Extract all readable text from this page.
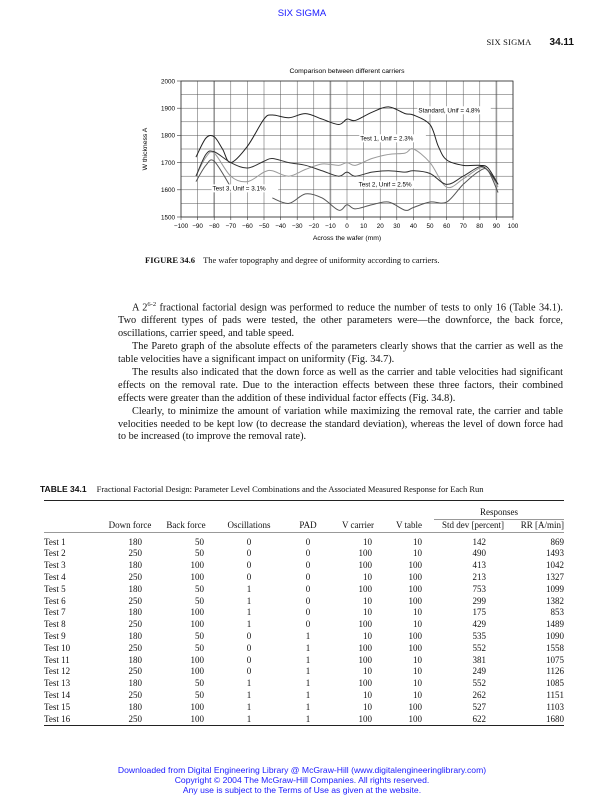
SIX SIGMA
SIX SIGMA 34.11
Comparison between different carriers
−100 −90 −80 −70 −60 −50 −40 −30 −20 −10 0 10 20 30 40 50 60 70 80 90 100
1500
1600
1700
1800
1900
2000
Across the wafer (mm)
W thickness A
Standard, Unif = 4.8%
Test 1, Unif = 2.3%
Test 2, Unif = 2.5%
Test 3, Unif = 3.1%
FIGURE 34.6 The wafer topography and degree of uniformity according to carriers.

A 2$^{6-2}$ fractional factorial design was performed to reduce the number of tests to only 16 (Table 34.1). Two different types of pads were tested, the other parameters were—the downforce, the back force, oscillations, carrier speed, and table speed.

The Pareto graph of the absolute effects of the parameters clearly shows that the carrier as well as the table velocities have a significant impact on uniformity (Fig. 34.7).

The results also indicated that the down force as well as the carrier and table velocities had significant effects on the removal rate. Due to the interaction effects between these three factors, their combined effects were greater than the addition of these individual factor effects (Fig. 34.8).

Clearly, to minimize the amount of variation while maximizing the removal rate, the carrier and table velocities needed to be kept low (to decrease the standard deviation), whereas the level of down force had to be increased (to improve the removal rate).

TABLE 34.1 Fractional Factorial Design: Parameter Level Combinations and the Associated Measured Response for Each Run
							Responses	
	Down force	Back force	Oscillations	PAD	V carrier	V table	Std dev [percent]	RR [A/min]
Test 1	180	50	0	0	10	10	142	869
Test 2	250	50	0	0	100	10	490	1493
Test 3	180	100	0	0	100	100	413	1042
Test 4	250	100	0	0	10	100	213	1327
Test 5	180	50	1	0	100	100	753	1099
Test 6	250	50	1	0	10	100	299	1382
Test 7	180	100	1	0	10	10	175	853
Test 8	250	100	1	0	100	10	429	1489
Test 9	180	50	0	1	10	100	535	1090
Test 10	250	50	0	1	100	100	552	1558
Test 11	180	100	0	1	100	10	381	1075
Test 12	250	100	0	1	10	10	249	1126
Test 13	180	50	1	1	100	10	552	1085
Test 14	250	50	1	1	10	10	262	1151
Test 15	180	100	1	1	10	100	527	1103
Test 16	250	100	1	1	100	100	622	1680
Downloaded from Digital Engineering Library @ McGraw-Hill (www.digitalengineeringlibrary.com)
Copyright © 2004 The McGraw-Hill Companies. All rights reserved.
Any use is subject to the Terms of Use as given at the website.
